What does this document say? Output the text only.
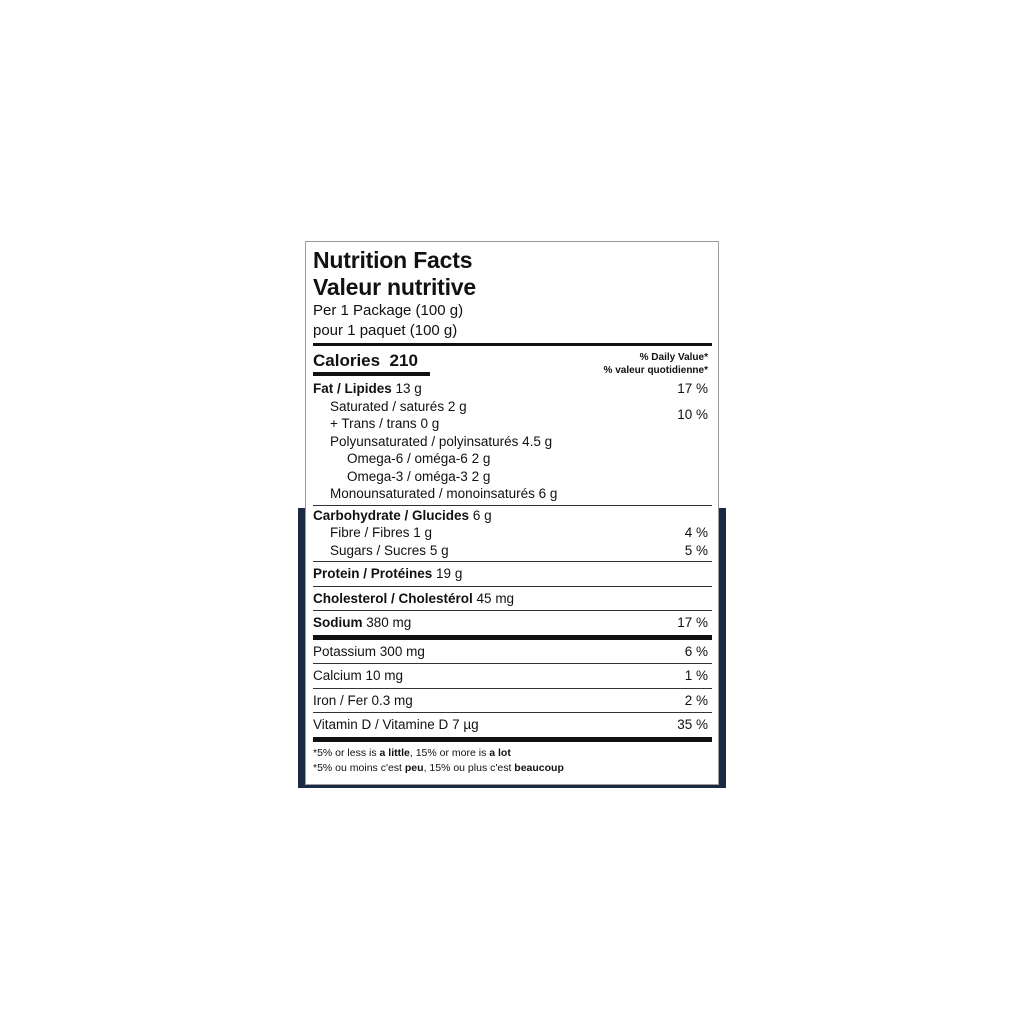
Nutrition Facts
Valeur nutritive
Per 1 Package (100 g)
pour 1 paquet (100 g)
Calories 210	% Daily Value*
% valeur quotidienne*
Fat / Lipides 13 g	17 %
Saturated / saturés 2 g
+ Trans / trans 0 g
10 %
Polyunsaturated / polyinsaturés 4.5 g
Omega-6 / oméga-6 2 g
Omega-3 / oméga-3 2 g
Monounsaturated / monoinsaturés 6 g
Carbohydrate / Glucides 6 g
Fibre / Fibres 1 g	4 %
Sugars / Sucres 5 g	5 %
Protein / Protéines 19 g
Cholesterol / Cholestérol 45 mg
Sodium 380 mg	17 %
Potassium 300 mg	6 %
Calcium 10 mg	1 %
Iron / Fer 0.3 mg	2 %
Vitamin D / Vitamine D 7 µg	35 %
*5% or less is a little, 15% or more is a lot
*5% ou moins c'est peu, 15% ou plus c'est beaucoup
